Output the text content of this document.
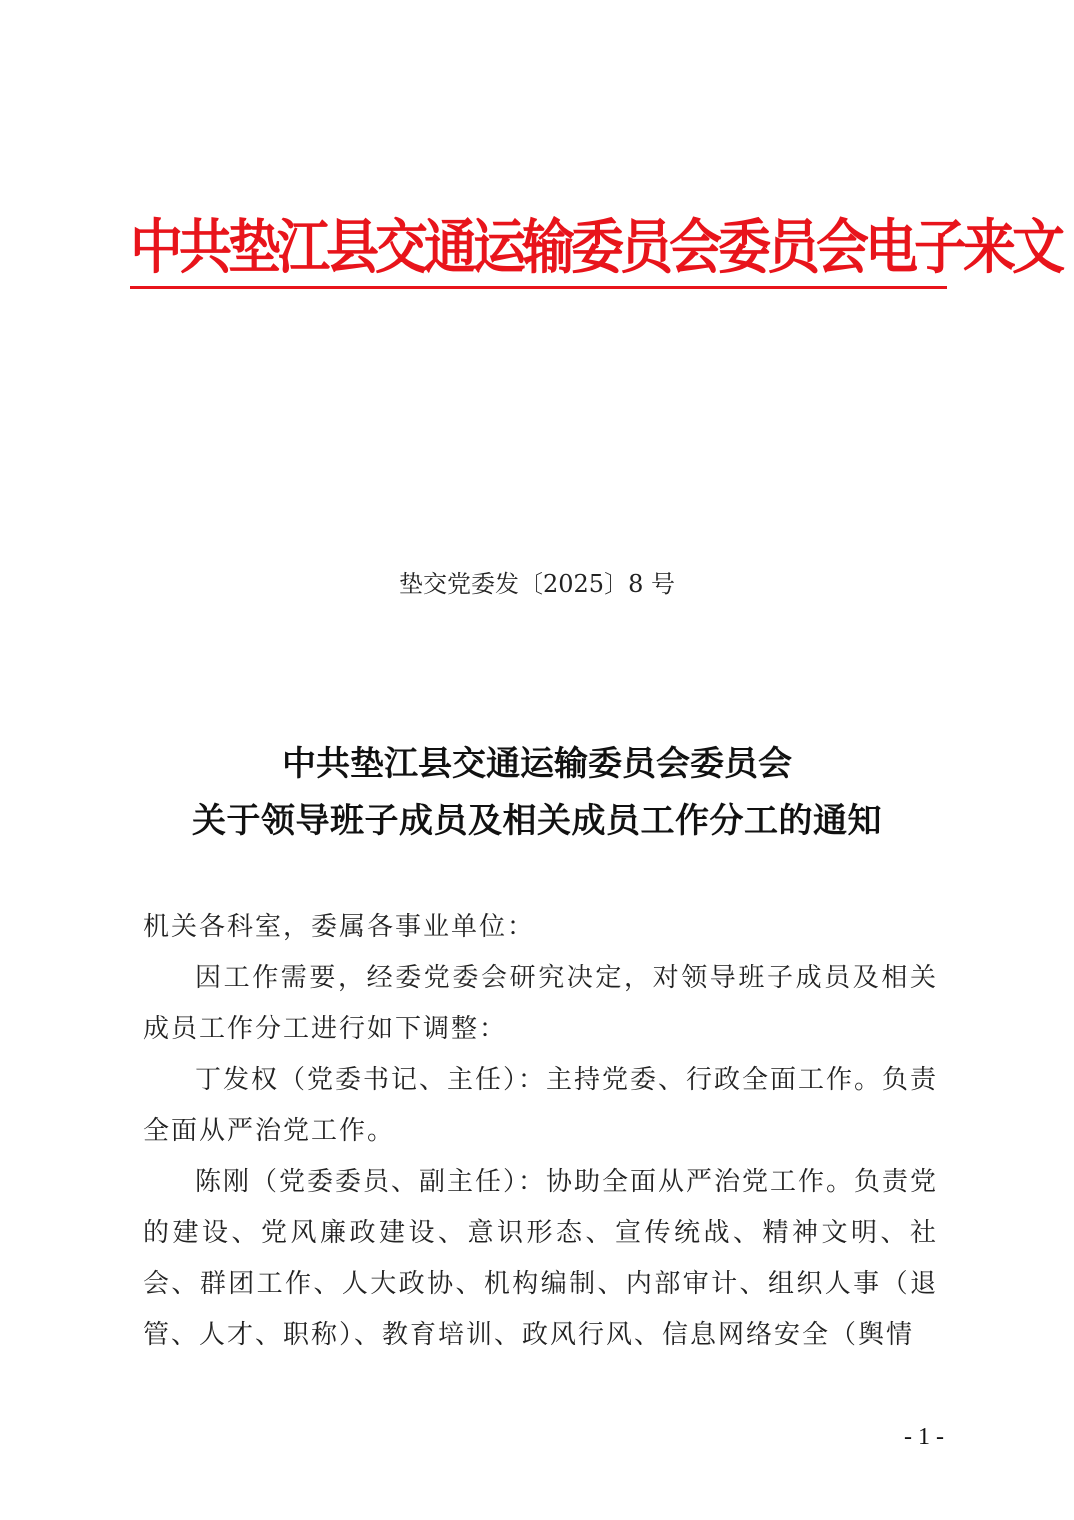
中共垫江县交通运输委员会委员会电子来文
垫交党委发〔2025〕8 号
中共垫江县交通运输委员会委员会
关于领导班子成员及相关成员工作分工的通知

机关各科室，委属各事业单位：

因工作需要，经委党委会研究决定，对领导班子成员及相关成员工作分工进行如下调整：

丁发权（党委书记、主任）：主持党委、行政全面工作。负责全面从严治党工作。

陈刚（党委委员、副主任）：协助全面从严治党工作。负责党的建设、党风廉政建设、意识形态、宣传统战、精神文明、社会、群团工作、人大政协、机构编制、内部审计、组织人事（退管、人才、职称）、教育培训、政风行风、信息网络安全（舆情

- 1 -
